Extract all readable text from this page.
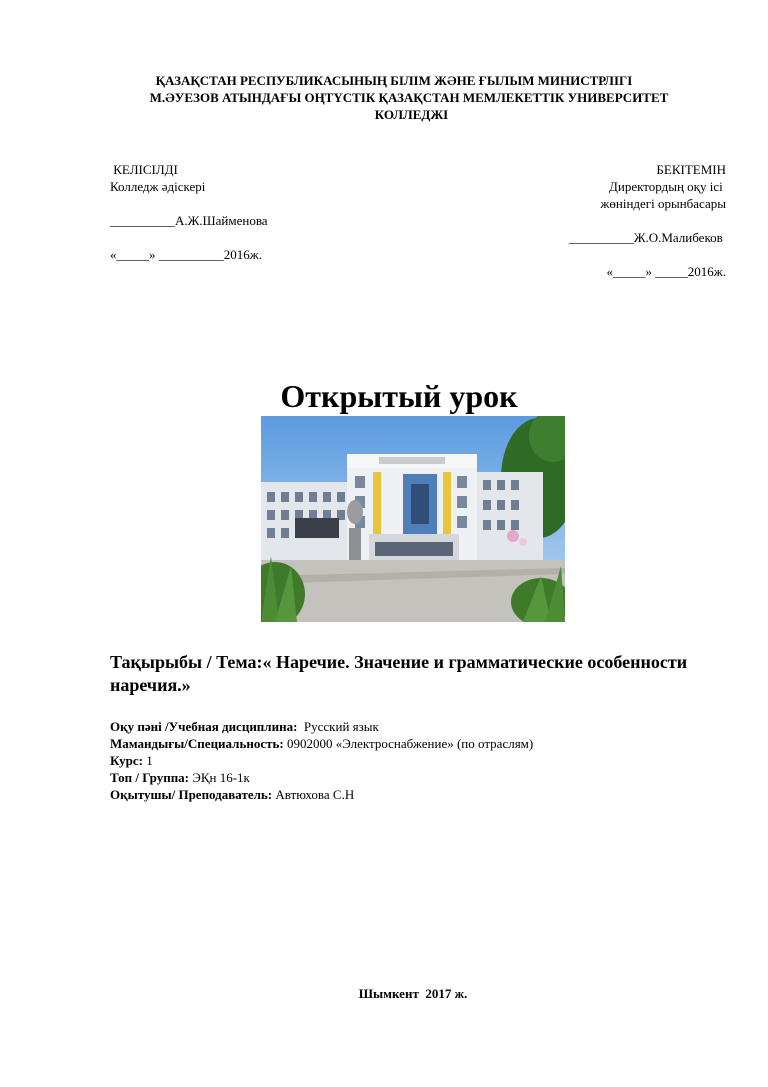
ҚАЗАҚСТАН РЕСПУБЛИКАСЫНЫҢ БІЛІМ ЖӘНЕ ҒЫЛЫМ МИНИСТРЛІГІ
М.ӘУЕЗОВ АТЫНДАҒЫ ОҢТҮСТІК ҚАЗАҚСТАН МЕМЛЕКЕТТІК УНИВЕРСИТЕТ
КОЛЛЕДЖІ
КЕЛІСІЛДІ
Колледж әдіскері
__________А.Ж.Шайменова
«_____» __________2016ж.
БЕКІТЕМІН
Директордың оқу ісі
жөніндегі орынбасары
__________Ж.О.Малибеков
«_____» _____2016ж.
Открытый урок
Тақырыбы / Тема:« Наречие. Значение и грамматические особенности наречия.»
Оқу пәні /Учебная дисциплина:  Русский язык
Мамандығы/Специальность: 0902000 «Электроснабжение» (по отраслям)
Курс: 1
Топ / Группа: ЭҚн 16-1к
Оқытушы/ Преподаватель: Автюхова С.Н
Шымкент  2017 ж.
